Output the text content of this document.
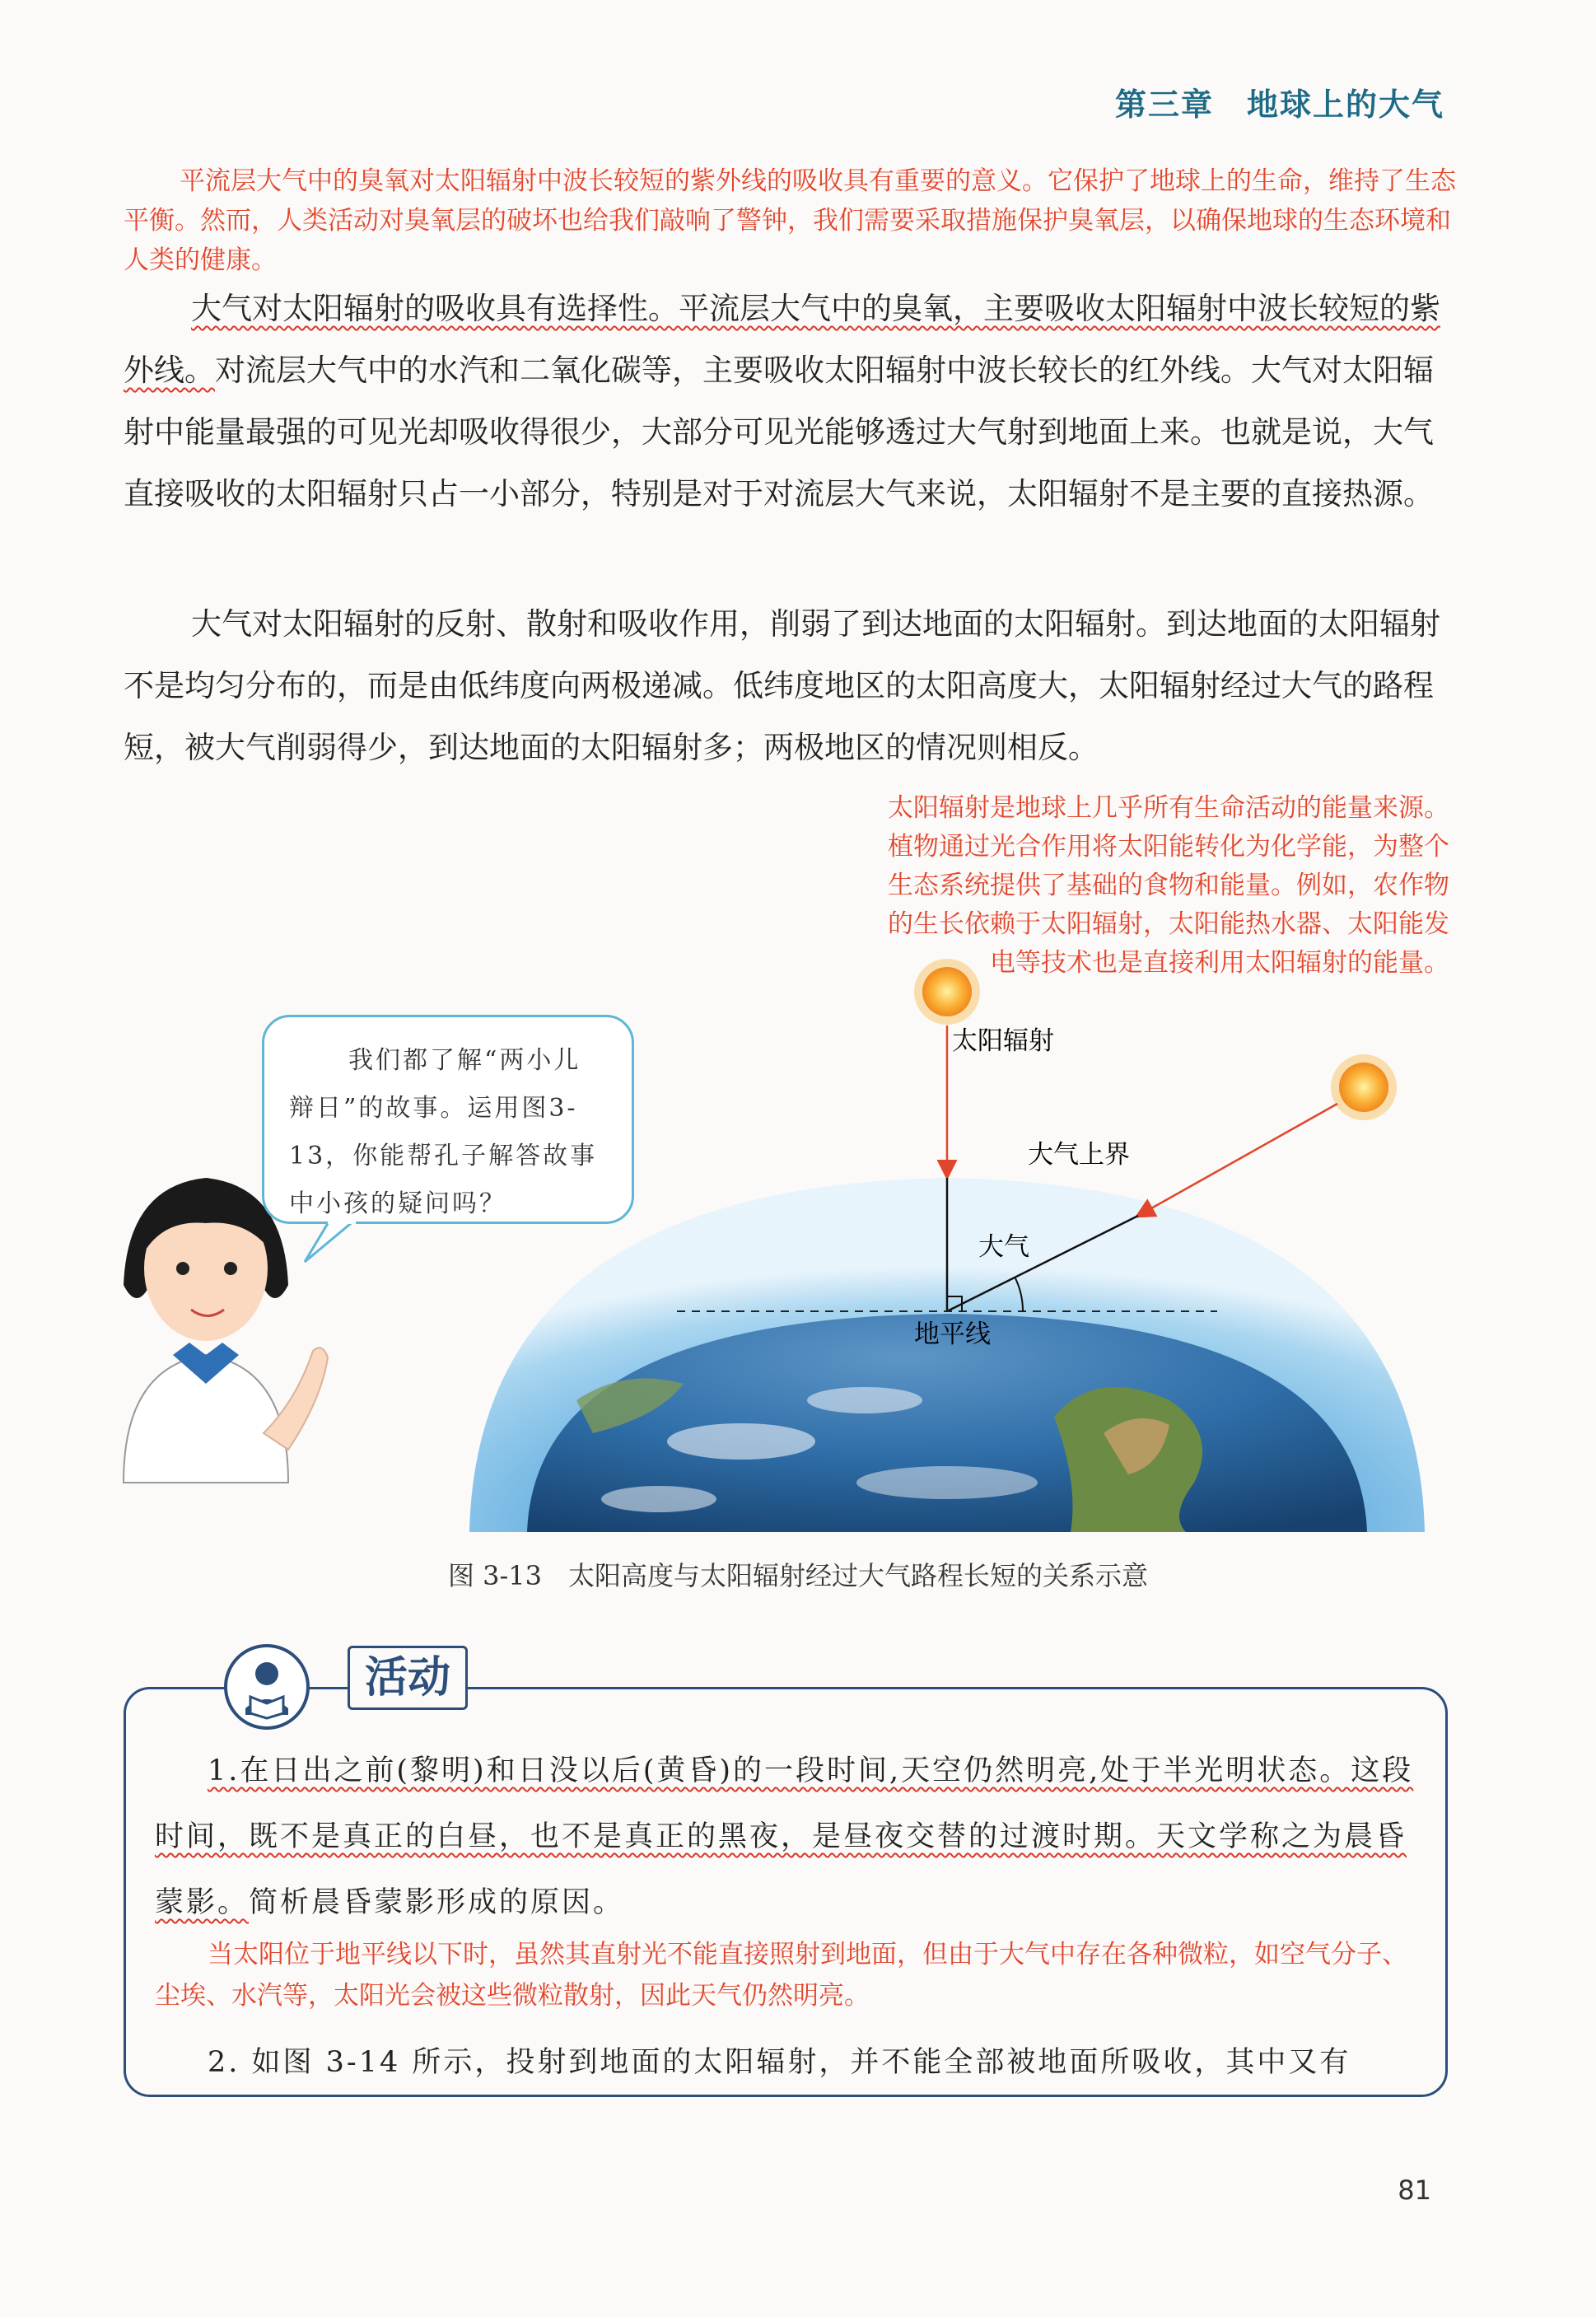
第三章　地球上的大气
平流层大气中的臭氧对太阳辐射中波长较短的紫外线的吸收具有重要的意义。它保护了地球上的生命，维持了生态平衡。然而，人类活动对臭氧层的破坏也给我们敲响了警钟，我们需要采取措施保护臭氧层，以确保地球的生态环境和人类的健康。
大气对太阳辐射的吸收具有选择性。平流层大气中的臭氧，主要吸收太阳辐射中波长较短的紫外线。对流层大气中的水汽和二氧化碳等，主要吸收太阳辐射中波长较长的红外线。大气对太阳辐射中能量最强的可见光却吸收得很少，大部分可见光能够透过大气射到地面上来。也就是说，大气直接吸收的太阳辐射只占一小部分，特别是对于对流层大气来说，太阳辐射不是主要的直接热源。
大气对太阳辐射的反射、散射和吸收作用，削弱了到达地面的太阳辐射。到达地面的太阳辐射不是均匀分布的，而是由低纬度向两极递减。低纬度地区的太阳高度大，太阳辐射经过大气的路程短，被大气削弱得少，到达地面的太阳辐射多；两极地区的情况则相反。
太阳辐射是地球上几乎所有生命活动的能量来源。植物通过光合作用将太阳能转化为化学能，为整个生态系统提供了基础的食物和能量。例如，农作物的生长依赖于太阳辐射，太阳能热水器、太阳能发电等技术也是直接利用太阳辐射的能量。
太阳辐射
大气上界
大气
地平线
我们都了解“两小儿辩日”的故事。运用图3-13，你能帮孔子解答故事中小孩的疑问吗？
图 3-13　太阳高度与太阳辐射经过大气路程长短的关系示意
活动
1.在日出之前(黎明)和日没以后(黄昏)的一段时间,天空仍然明亮,处于半光明状态。这段时间，既不是真正的白昼，也不是真正的黑夜，是昼夜交替的过渡时期。天文学称之为晨昏蒙影。简析晨昏蒙影形成的原因。
当太阳位于地平线以下时，虽然其直射光不能直接照射到地面，但由于大气中存在各种微粒，如空气分子、尘埃、水汽等，太阳光会被这些微粒散射，因此天气仍然明亮。
2. 如图 3-14 所示，投射到地面的太阳辐射，并不能全部被地面所吸收，其中又有
81
